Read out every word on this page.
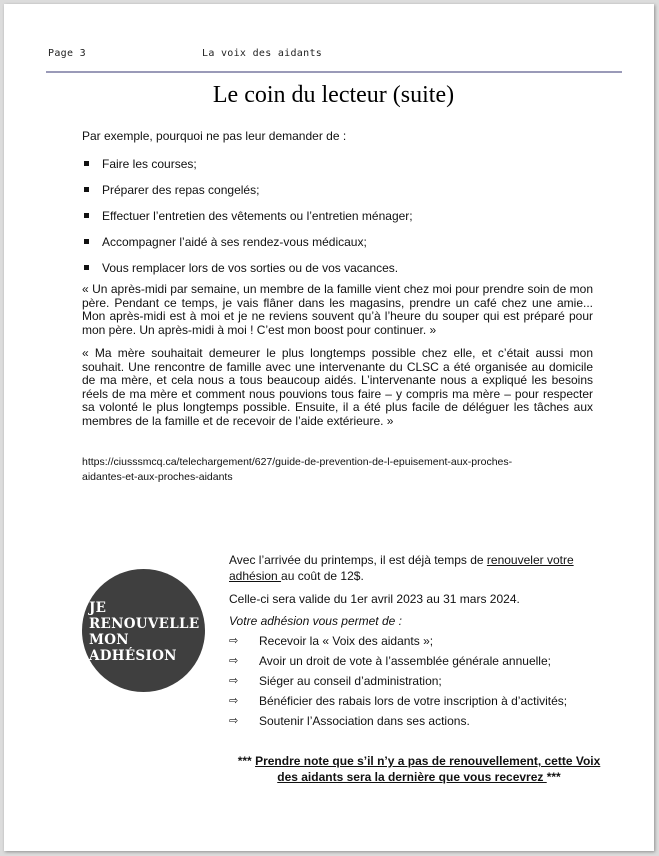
Page 3	La voix des aidants
Le coin du lecteur (suite)
Par exemple, pourquoi ne pas leur demander de :
Faire les courses;
Préparer des repas congelés;
Effectuer l’entretien des vêtements ou l’entretien ménager;
Accompagner l’aidé à ses rendez-vous médicaux;
Vous remplacer lors de vos sorties ou de vos vacances.
« Un après-midi par semaine, un membre de la famille vient chez moi pour prendre soin de mon père. Pendant ce temps, je vais flâner dans les magasins, prendre un café chez une amie... Mon après-midi est à moi et je ne reviens souvent qu’à l’heure du souper qui est préparé pour mon père. Un après-midi à moi ! C’est mon boost pour continuer. »
« Ma mère souhaitait demeurer le plus longtemps possible chez elle, et c’était aussi mon souhait. Une rencontre de famille avec une intervenante du CLSC a été organisée au domicile de ma mère, et cela nous a tous beaucoup aidés. L’intervenante nous a expliqué les besoins réels de ma mère et comment nous pouvions tous faire – y compris ma mère – pour respecter sa volonté le plus longtemps possible. Ensuite, il a été plus facile de déléguer les tâches aux membres de la famille et de recevoir de l’aide extérieure. »
https://ciusssmcq.ca/telechargement/627/guide-de-prevention-de-l-epuisement-aux-proches-
aidantes-et-aux-proches-aidants
JE
RENOUVELLE
MON
ADHÉSION

Avec l’arrivée du printemps, il est déjà temps de renouveler votre
adhésion au coût de 12$.

Celle-ci sera valide du 1er avril 2023 au 31 mars 2024.

Votre adhésion vous permet de :

⇨ Recevoir la « Voix des aidants »;
⇨ Avoir un droit de vote à l’assemblée générale annuelle;
⇨ Siéger au conseil d’administration;
⇨ Bénéficier des rabais lors de votre inscription à d’activités;
⇨ Soutenir l’Association dans ses actions.
*** Prendre note que s’il n’y a pas de renouvellement, cette Voix
des aidants sera la dernière que vous recevrez ***
